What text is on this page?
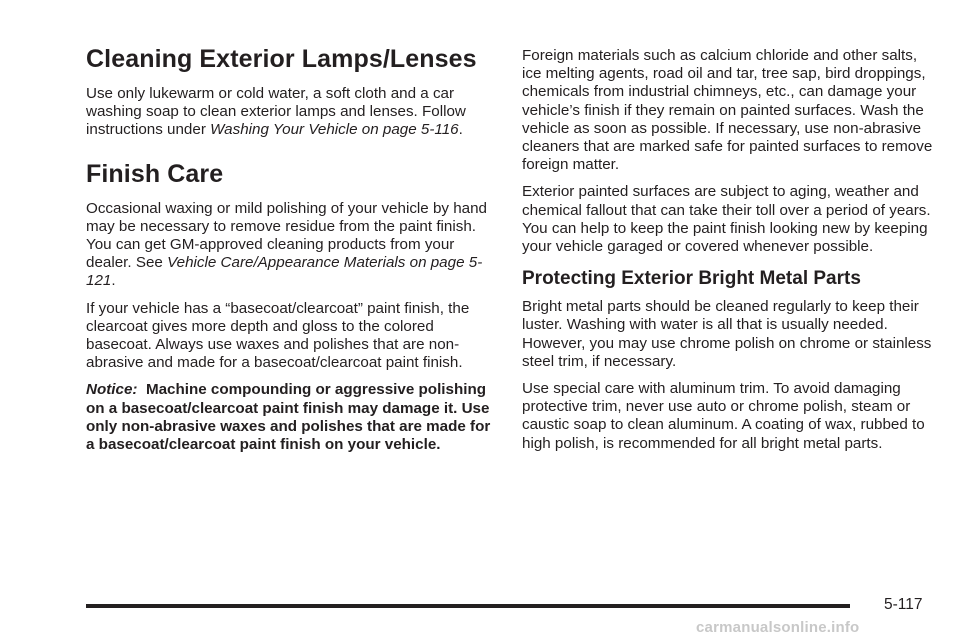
Cleaning Exterior Lamps/Lenses

Use only lukewarm or cold water, a soft cloth and a car washing soap to clean exterior lamps and lenses. Follow instructions under Washing Your Vehicle on page 5-116.

Finish Care

Occasional waxing or mild polishing of your vehicle by hand may be necessary to remove residue from the paint finish. You can get GM-approved cleaning products from your dealer. See Vehicle Care/Appearance Materials on page 5-121.

If your vehicle has a “basecoat/clearcoat” paint finish, the clearcoat gives more depth and gloss to the colored basecoat. Always use waxes and polishes that are non-abrasive and made for a basecoat/clearcoat paint finish.

Notice: Machine compounding or aggressive polishing on a basecoat/clearcoat paint finish may damage it. Use only non-abrasive waxes and polishes that are made for a basecoat/clearcoat paint finish on your vehicle.

Foreign materials such as calcium chloride and other salts, ice melting agents, road oil and tar, tree sap, bird droppings, chemicals from industrial chimneys, etc., can damage your vehicle’s finish if they remain on painted surfaces. Wash the vehicle as soon as possible. If necessary, use non-abrasive cleaners that are marked safe for painted surfaces to remove foreign matter.

Exterior painted surfaces are subject to aging, weather and chemical fallout that can take their toll over a period of years. You can help to keep the paint finish looking new by keeping your vehicle garaged or covered whenever possible.

Protecting Exterior Bright Metal Parts

Bright metal parts should be cleaned regularly to keep their luster. Washing with water is all that is usually needed. However, you may use chrome polish on chrome or stainless steel trim, if necessary.

Use special care with aluminum trim. To avoid damaging protective trim, never use auto or chrome polish, steam or caustic soap to clean aluminum. A coating of wax, rubbed to high polish, is recommended for all bright metal parts.

5-117
carmanualsonline.info
